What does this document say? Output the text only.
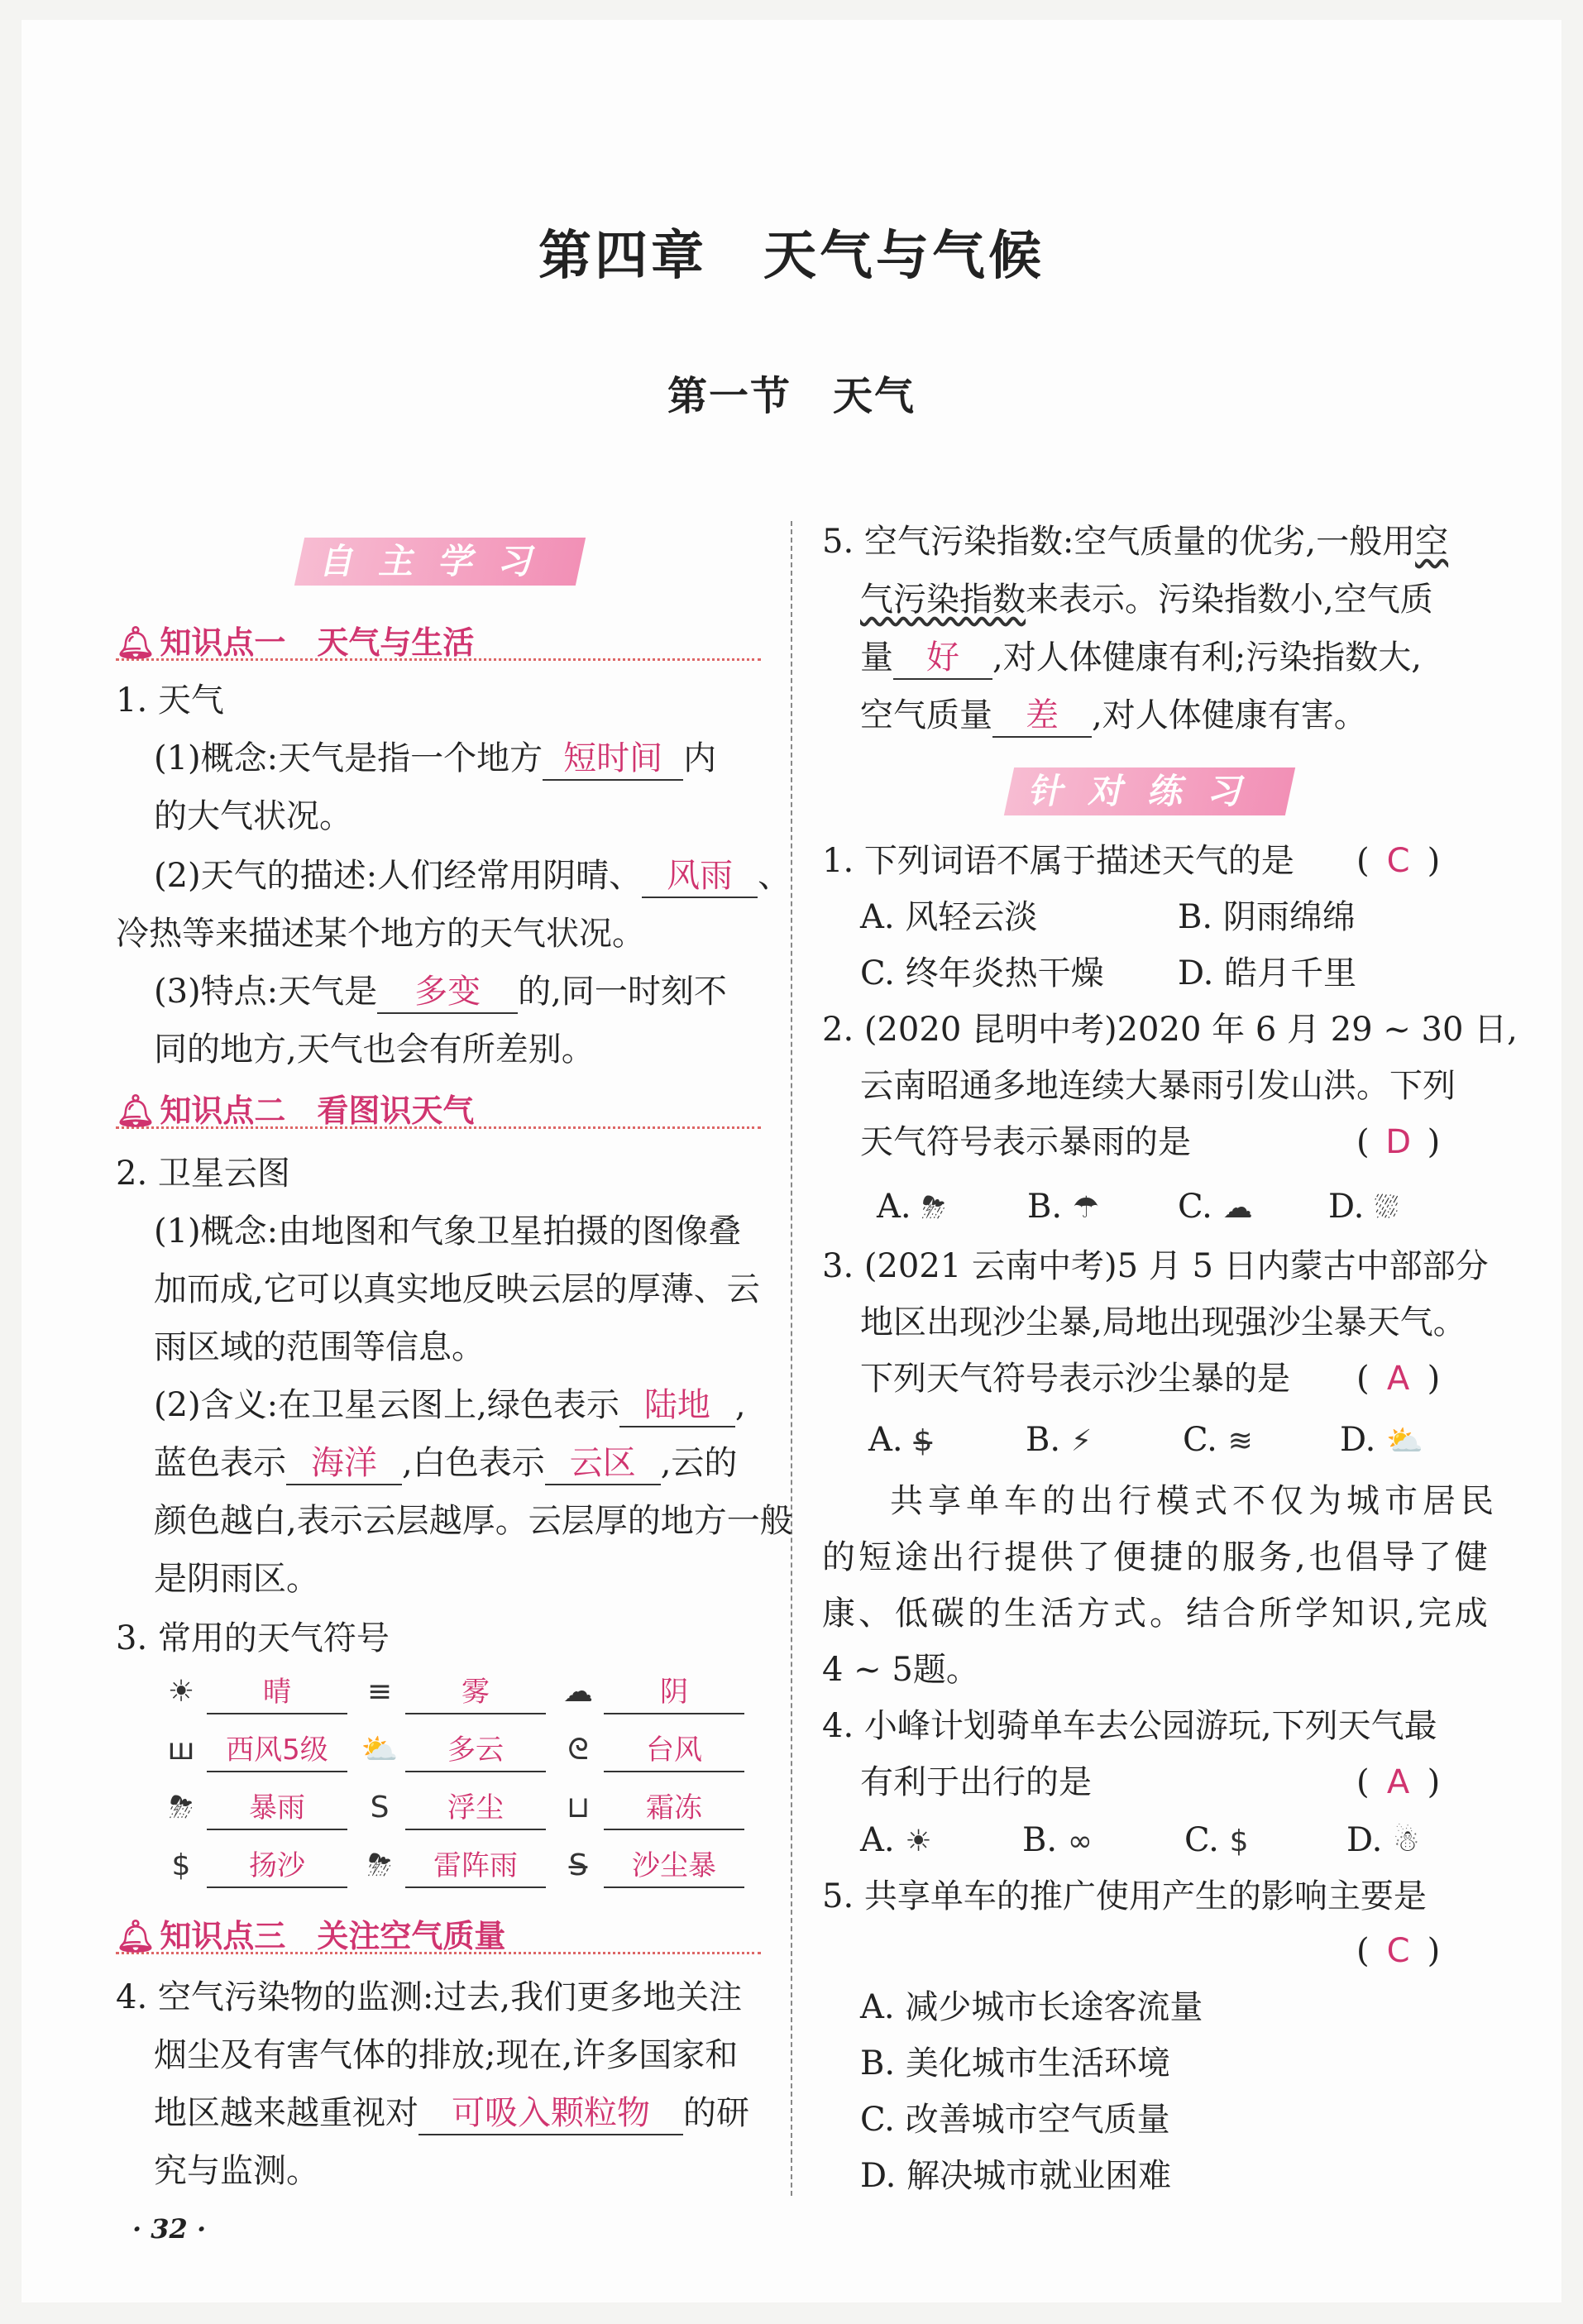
第四章　天气与气候
第一节　天气
自主学习
🔔︎ 知识点一　天气与生活
1. 天气
(1)概念:天气是指一个地方 短时间 内
的大气状况。
(2)天气的描述:人们经常用阴晴、 风雨 、
冷热等来描述某个地方的天气状况。
(3)特点:天气是 多变 的,同一时刻不
同的地方,天气也会有所差别。
🔔︎ 知识点二　看图识天气
2. 卫星云图
(1)概念:由地图和气象卫星拍摄的图像叠
加而成,它可以真实地反映云层的厚薄、云
雨区域的范围等信息。
(2)含义:在卫星云图上,绿色表示 陆地 ,
蓝色表示 海洋 ,白色表示 云区 ,云的
颜色越白,表示云层越厚。云层厚的地方一般
是阴雨区。
3. 常用的天气符号
☀ 晴	≡ 雾	☁ 阴
ш 西风5级	⛅ 多云	ᘓ 台风
⛈ 暴雨	S 浮尘	⊔ 霜冻
$ 扬沙	⛈ 雷阵雨	S̶ 沙尘暴
🔔︎ 知识点三　关注空气质量
4. 空气污染物的监测:过去,我们更多地关注
烟尘及有害气体的排放;现在,许多国家和
地区越来越重视对 可吸入颗粒物 的研
究与监测。
· 32 ·
5. 空气污染指数:空气质量的优劣,一般用空
气污染指数来表示。污染指数小,空气质
量 好 ,对人体健康有利;污染指数大,
空气质量 差 ,对人体健康有害。
针对练习
1. 下列词语不属于描述天气的是 ( C )
A. 风轻云淡	B. 阴雨绵绵
C. 终年炎热干燥 D. 皓月千里
2. (2020 昆明中考)2020 年 6 月 29 ~ 30 日,
云南昭通多地连续大暴雨引发山洪。下列
天气符号表示暴雨的是	( D )
A. ⛈	B. ☂	C. ☁	D. ⛆
3. (2021 云南中考)5 月 5 日内蒙古中部部分
地区出现沙尘暴,局地出现强沙尘暴天气。
下列天气符号表示沙尘暴的是 ( A )
A. $̶	B. ⚡	C. ≋	D. ⛅
共享单车的出行模式不仅为城市居民
的短途出行提供了便捷的服务,也倡导了健
康、低碳的生活方式。结合所学知识,完成
4 ~ 5题。
4. 小峰计划骑单车去公园游玩,下列天气最
有利于出行的是	( A )
A. ☀	B. ∞	C. $	D. ☃
5. 共享单车的推广使用产生的影响主要是
( C )
A. 减少城市长途客流量
B. 美化城市生活环境
C. 改善城市空气质量
D. 解决城市就业困难
